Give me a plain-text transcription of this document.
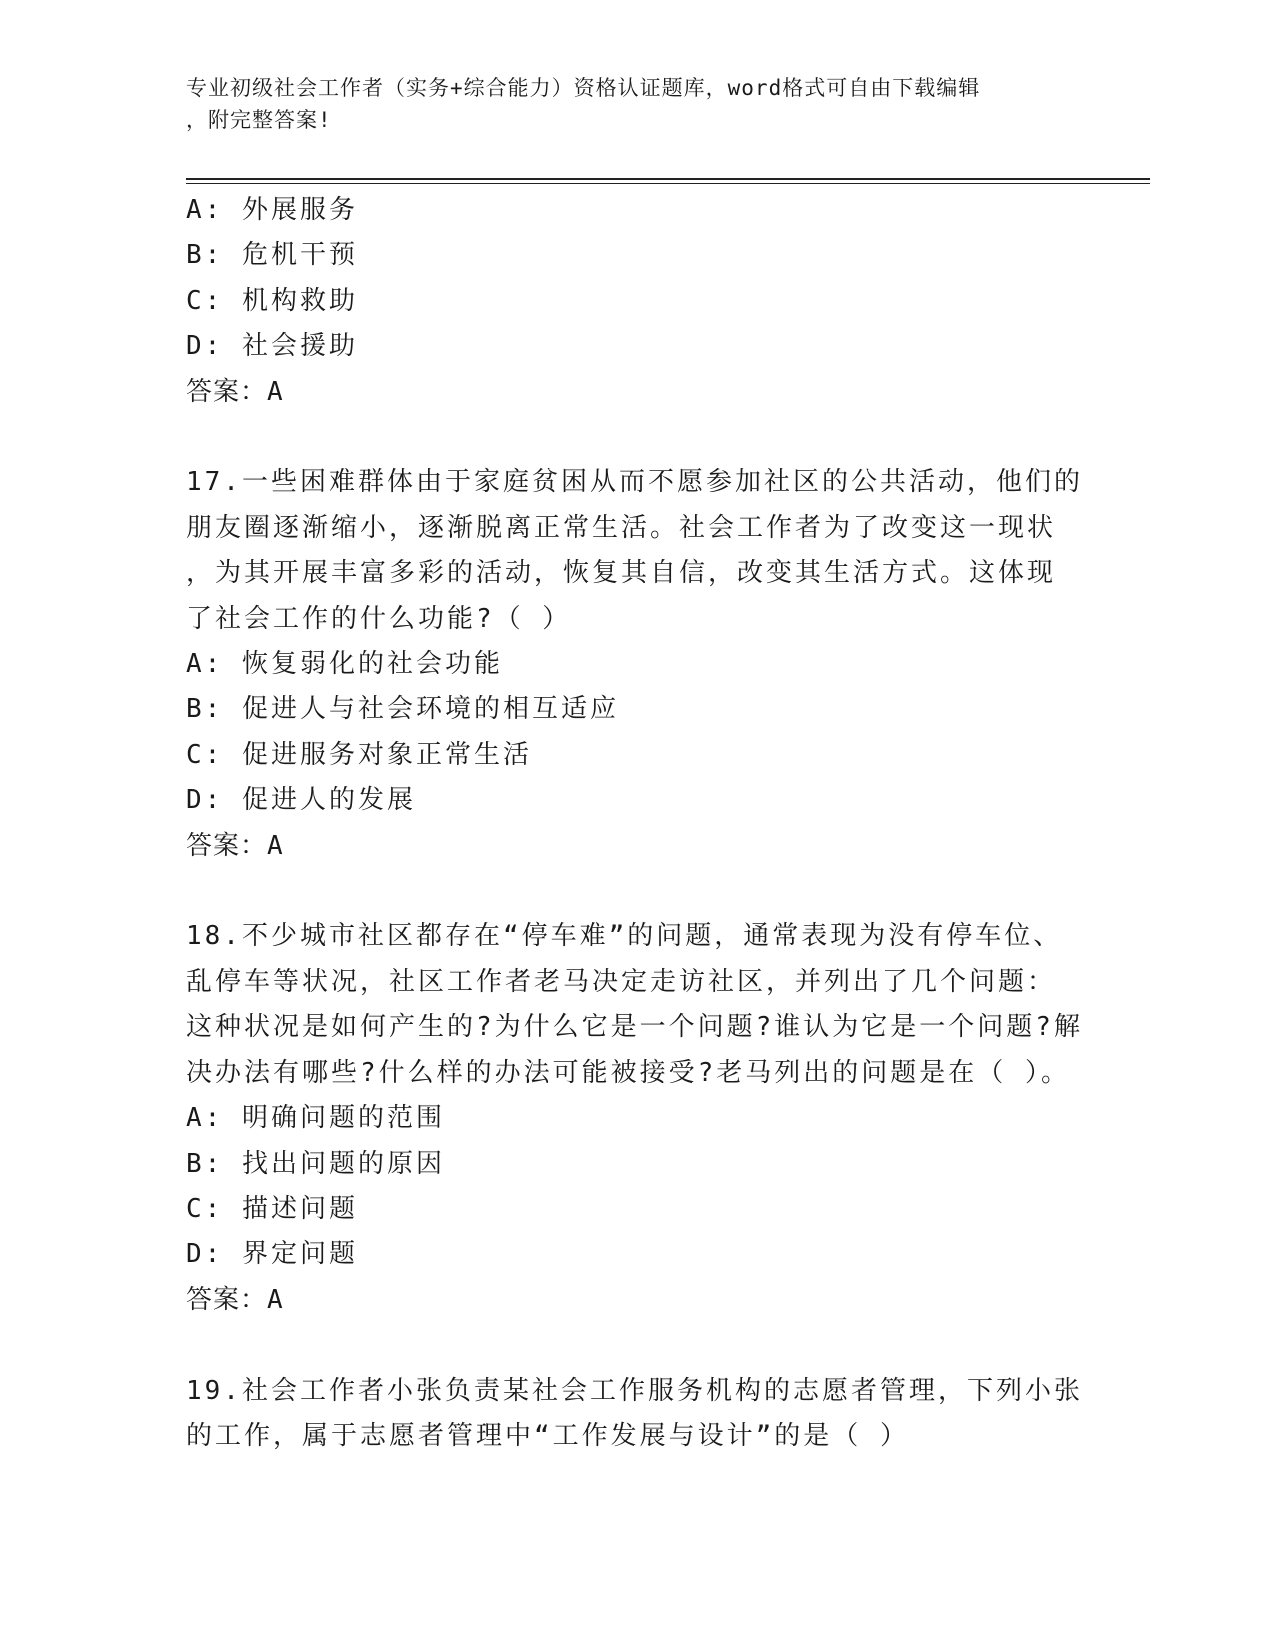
专业初级社会工作者（实务+综合能力）资格认证题库，word格式可自由下载编辑
，附完整答案!
A: 外展服务
B: 危机干预
C: 机构救助
D: 社会援助
答案：A
17.一些困难群体由于家庭贫困从而不愿参加社区的公共活动，他们的
朋友圈逐渐缩小，逐渐脱离正常生活。社会工作者为了改变这一现状
，为其开展丰富多彩的活动，恢复其自信，改变其生活方式。这体现
了社会工作的什么功能?（ ）
A: 恢复弱化的社会功能
B: 促进人与社会环境的相互适应
C: 促进服务对象正常生活
D: 促进人的发展
答案：A
18.不少城市社区都存在“停车难”的问题，通常表现为没有停车位、
乱停车等状况，社区工作者老马决定走访社区，并列出了几个问题：
这种状况是如何产生的?为什么它是一个问题?谁认为它是一个问题?解
决办法有哪些?什么样的办法可能被接受?老马列出的问题是在（ ）。
A: 明确问题的范围
B: 找出问题的原因
C: 描述问题
D: 界定问题
答案：A
19.社会工作者小张负责某社会工作服务机构的志愿者管理，下列小张
的工作，属于志愿者管理中“工作发展与设计”的是（ ）
